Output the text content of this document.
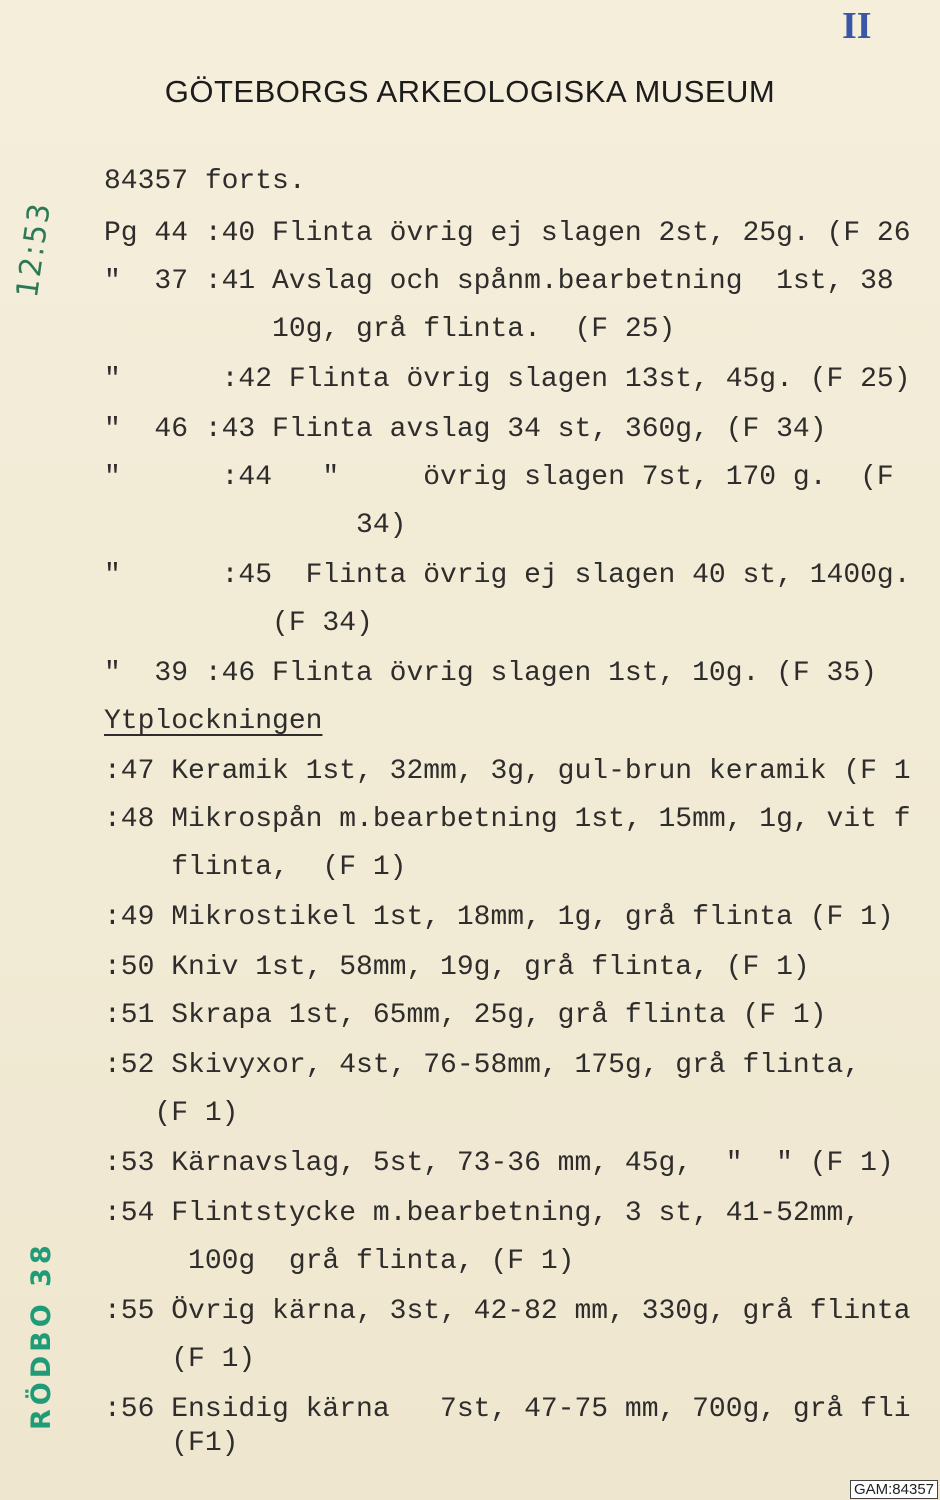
II
GÖTEBORGS ARKEOLOGISKA MUSEUM
12:53
RÖDBO 38
84357 forts.
Pg 44 :40 Flinta övrig ej slagen 2st, 25g. (F 26
"  37 :41 Avslag och spånm.bearbetning  1st, 38
10g, grå flinta.  (F 25)
"      :42 Flinta övrig slagen 13st, 45g. (F 25)
"  46 :43 Flinta avslag 34 st, 360g, (F 34)
"      :44   "     övrig slagen 7st, 170 g.  (F
34)
"      :45  Flinta övrig ej slagen 40 st, 1400g.
(F 34)
"  39 :46 Flinta övrig slagen 1st, 10g. (F 35)
Ytplockningen
:47 Keramik 1st, 32mm, 3g, gul-brun keramik (F 1
:48 Mikrospån m.bearbetning 1st, 15mm, 1g, vit f
flinta,  (F 1)
:49 Mikrostikel 1st, 18mm, 1g, grå flinta (F 1)
:50 Kniv 1st, 58mm, 19g, grå flinta, (F 1)
:51 Skrapa 1st, 65mm, 25g, grå flinta (F 1)
:52 Skivyxor, 4st, 76-58mm, 175g, grå flinta,
(F 1)
:53 Kärnavslag, 5st, 73-36 mm, 45g,  "  " (F 1)
:54 Flintstycke m.bearbetning, 3 st, 41-52mm,
100g  grå flinta, (F 1)
:55 Övrig kärna, 3st, 42-82 mm, 330g, grå flinta
(F 1)
:56 Ensidig kärna   7st, 47-75 mm, 700g, grå fli
(F1)
GAM:84357
